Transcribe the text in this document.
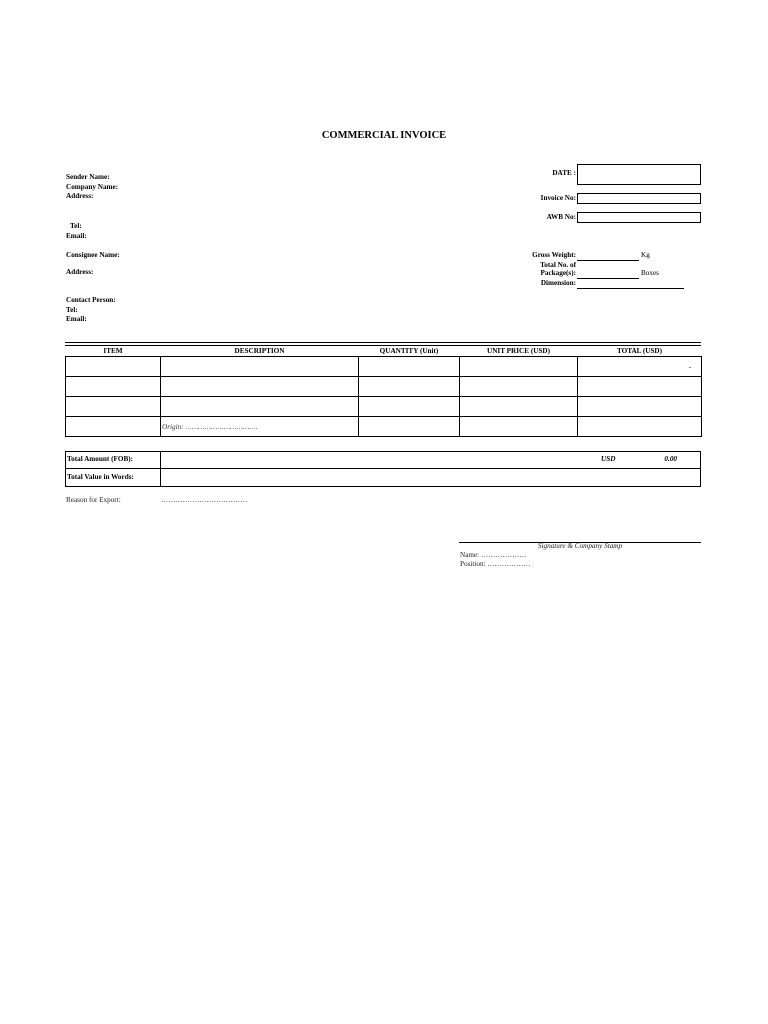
COMMERCIAL INVOICE
Sender Name:
Company Name:
Address:
Tel:
Email:
Consignee Name:
Address:
Contact Person:
Tel:
Email:
DATE :
Invoice No:
AWB No:
Gross Weight:	Kg
Total No. of
Package(s):	Boxes
Dimension:
ITEM	DESCRIPTION	QUANTITY (Unit)	UNIT PRICE (USD)	TOTAL (USD)
				-

	Origin: …………………………….			
Total Amount (FOB):	USD	0.00
Total Value in Words:
Reason for Export:	………………………………
Signature & Company Stamp
Name: ……………….
Position: ………………
